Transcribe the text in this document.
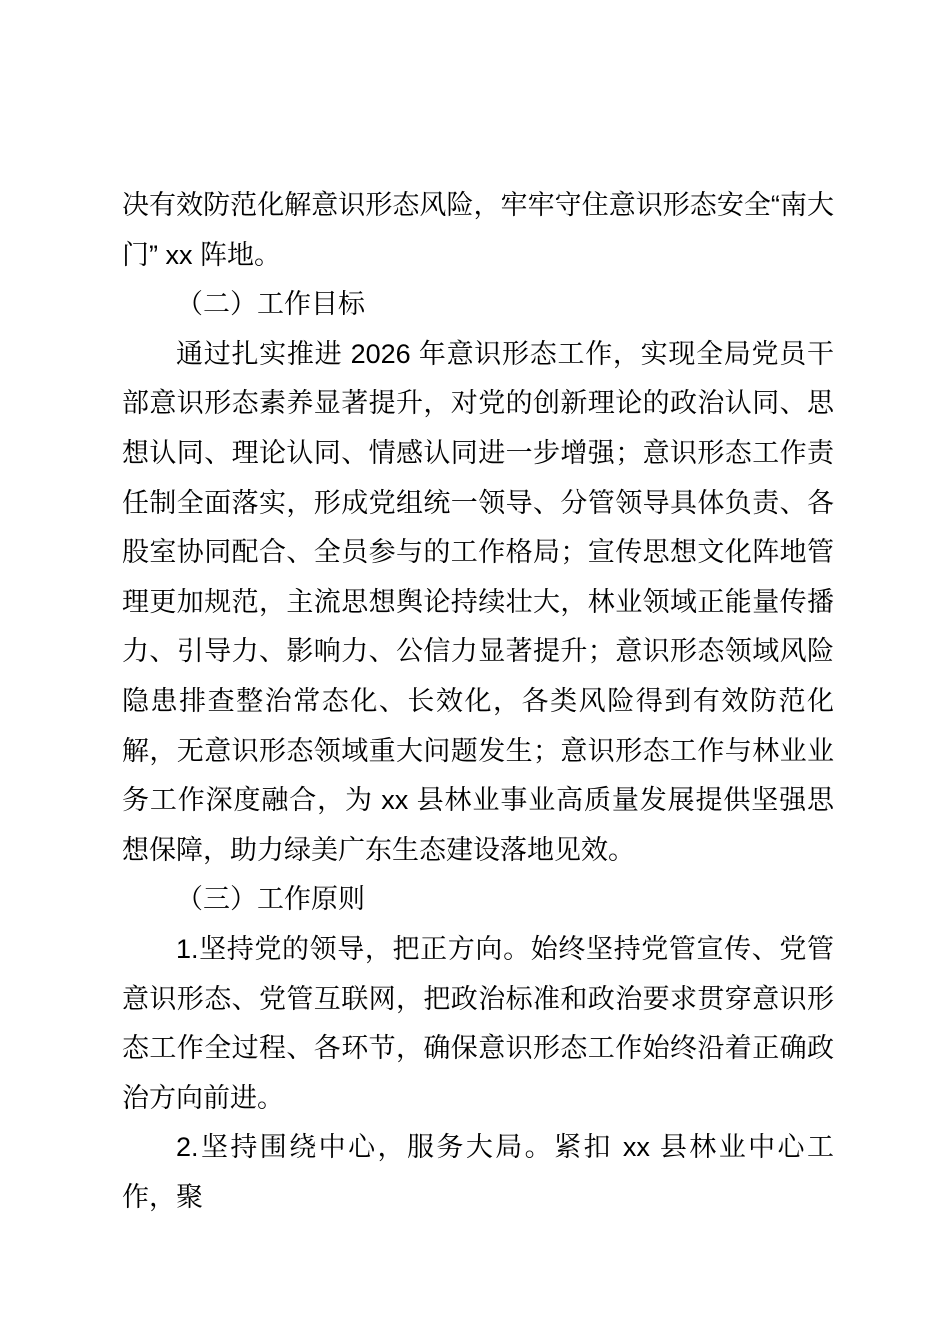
决有效防范化解意识形态风险，牢牢守住意识形态安全“南大门” xx 阵地。

（二）工作目标

通过扎实推进 2026 年意识形态工作，实现全局党员干部意识形态素养显著提升，对党的创新理论的政治认同、思想认同、理论认同、情感认同进一步增强；意识形态工作责任制全面落实，形成党组统一领导、分管领导具体负责、各股室协同配合、全员参与的工作格局；宣传思想文化阵地管理更加规范，主流思想舆论持续壮大，林业领域正能量传播力、引导力、影响力、公信力显著提升；意识形态领域风险隐患排查整治常态化、长效化，各类风险得到有效防范化解，无意识形态领域重大问题发生；意识形态工作与林业业务工作深度融合，为 xx 县林业事业高质量发展提供坚强思想保障，助力绿美广东生态建设落地见效。

（三）工作原则

1.坚持党的领导，把正方向。始终坚持党管宣传、党管意识形态、党管互联网，把政治标准和政治要求贯穿意识形态工作全过程、各环节，确保意识形态工作始终沿着正确政治方向前进。

2.坚持围绕中心，服务大局。紧扣 xx 县林业中心工作，聚
